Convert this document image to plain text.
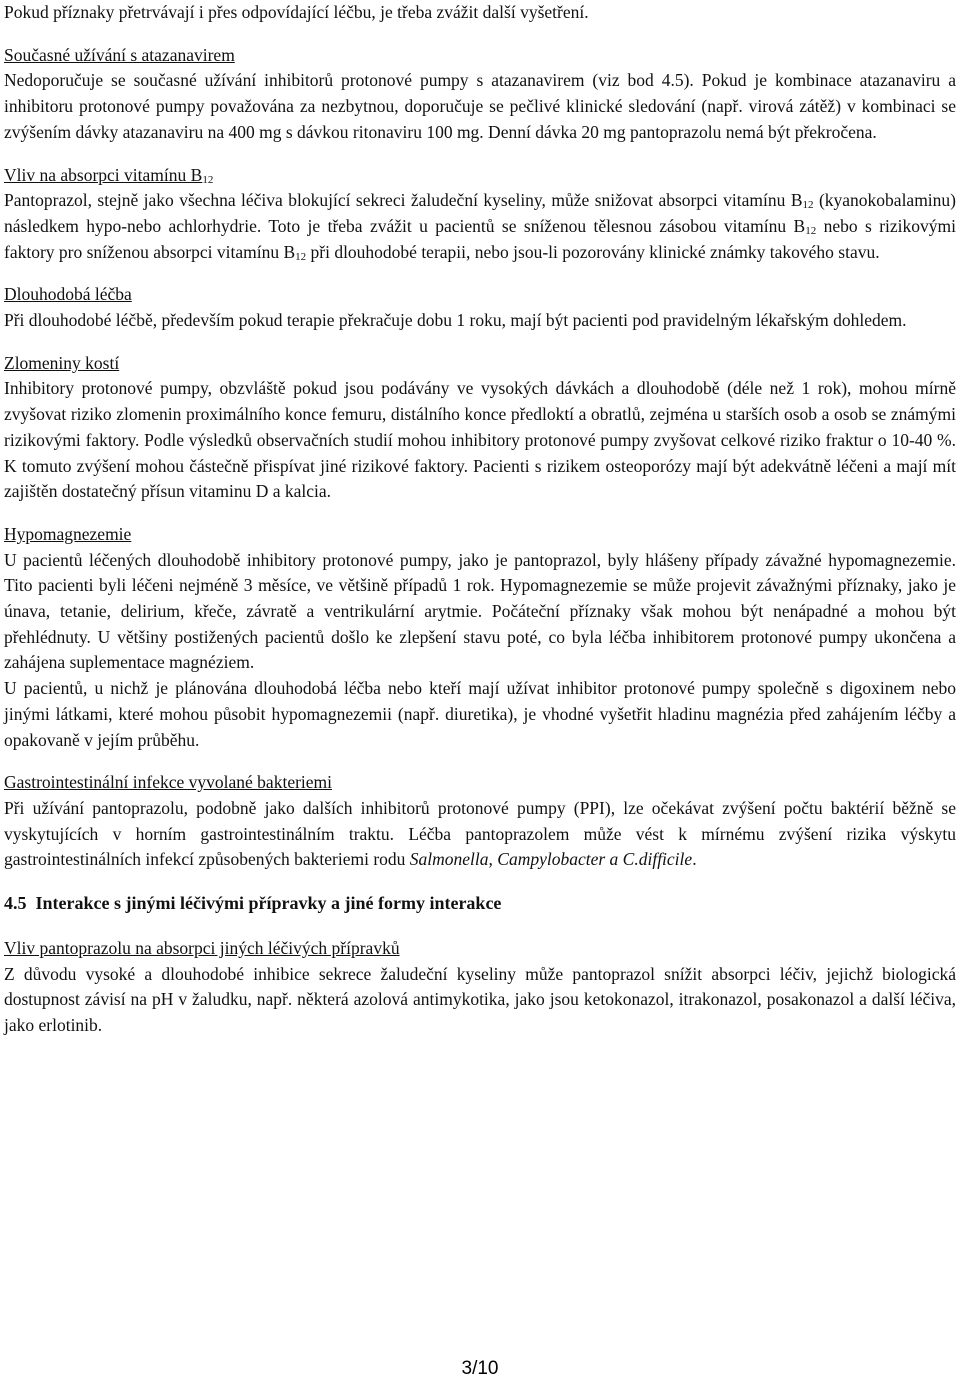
Pokud příznaky přetrvávají i přes odpovídající léčbu, je třeba zvážit další vyšetření.

Současné užívání s atazanavirem

Nedoporučuje se současné užívání inhibitorů protonové pumpy s atazanavirem (viz bod 4.5). Pokud je kombinace atazanaviru a inhibitoru protonové pumpy považována za nezbytnou, doporučuje se pečlivé klinické sledování (např. virová zátěž) v kombinaci se zvýšením dávky atazanaviru na 400 mg s dávkou ritonaviru 100 mg. Denní dávka 20 mg pantoprazolu nemá být překročena.

Vliv na absorpci vitamínu $B_{12}$

Pantoprazol, stejně jako všechna léčiva blokující sekreci žaludeční kyseliny, může snižovat absorpci vitamínu $B_{12}$ (kyanokobalaminu) následkem hypo-nebo achlorhydrie. Toto je třeba zvážit u pacientů se sníženou tělesnou zásobou vitamínu $B_{12}$ nebo s rizikovými faktory pro sníženou absorpci vitamínu $B_{12}$ při dlouhodobé terapii, nebo jsou-li pozorovány klinické známky takového stavu.

Dlouhodobá léčba

Při dlouhodobé léčbě, především pokud terapie překračuje dobu 1 roku, mají být pacienti pod pravidelným lékařským dohledem.

Zlomeniny kostí

Inhibitory protonové pumpy, obzvláště pokud jsou podávány ve vysokých dávkách a dlouhodobě (déle než 1 rok), mohou mírně zvyšovat riziko zlomenin proximálního konce femuru, distálního konce předloktí a obratlů, zejména u starších osob a osob se známými rizikovými faktory. Podle výsledků observačních studií mohou inhibitory protonové pumpy zvyšovat celkové riziko fraktur o 10-40 %. K tomuto zvýšení mohou částečně přispívat jiné rizikové faktory. Pacienti s rizikem osteoporózy mají být adekvátně léčeni a mají mít zajištěn dostatečný přísun vitaminu D a kalcia.

Hypomagnezemie

U pacientů léčených dlouhodobě inhibitory protonové pumpy, jako je pantoprazol, byly hlášeny případy závažné hypomagnezemie. Tito pacienti byli léčeni nejméně 3 měsíce, ve většině případů 1 rok. Hypomagnezemie se může projevit závažnými příznaky, jako je únava, tetanie, delirium, křeče, závratě a ventrikulární arytmie. Počáteční příznaky však mohou být nenápadné a mohou být přehlédnuty. U většiny postižených pacientů došlo ke zlepšení stavu poté, co byla léčba inhibitorem protonové pumpy ukončena a zahájena suplementace magnéziem.

U pacientů, u nichž je plánována dlouhodobá léčba nebo kteří mají užívat inhibitor protonové pumpy společně s digoxinem nebo jinými látkami, které mohou působit hypomagnezemii (např. diuretika), je vhodné vyšetřit hladinu magnézia před zahájením léčby a opakovaně v jejím průběhu.

Gastrointestinální infekce vyvolané bakteriemi

Při užívání pantoprazolu, podobně jako dalších inhibitorů protonové pumpy (PPI), lze očekávat zvýšení počtu baktérií běžně se vyskytujících v horním gastrointestinálním traktu. Léčba pantoprazolem může vést k mírnému zvýšení rizika výskytu gastrointestinálních infekcí způsobených bakteriemi rodu Salmonella, Campylobacter a C.difficile.

4.5 Interakce s jinými léčivými přípravky a jiné formy interakce

Vliv pantoprazolu na absorpci jiných léčivých přípravků

Z důvodu vysoké a dlouhodobé inhibice sekrece žaludeční kyseliny může pantoprazol snížit absorpci léčiv, jejichž biologická dostupnost závisí na pH v žaludku, např. některá azolová antimykotika, jako jsou ketokonazol, itrakonazol, posakonazol a další léčiva, jako erlotinib.

3/10
